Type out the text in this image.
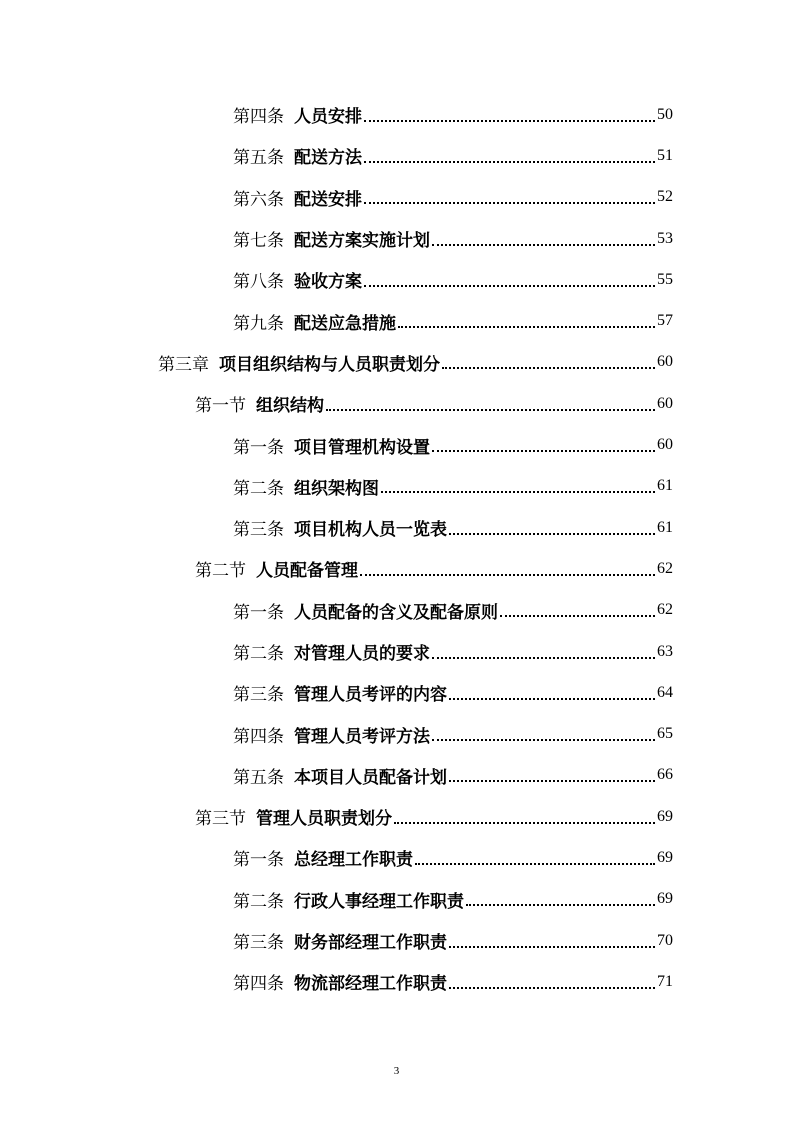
第四条 人员安排	50
第五条 配送方法	51
第六条 配送安排	52
第七条 配送方案实施计划	53
第八条 验收方案	55
第九条 配送应急措施	57
第三章 项目组织结构与人员职责划分	60
第一节 组织结构	60
第一条 项目管理机构设置	60
第二条 组织架构图	61
第三条 项目机构人员一览表	61
第二节 人员配备管理	62
第一条 人员配备的含义及配备原则	62
第二条 对管理人员的要求	63
第三条 管理人员考评的内容	64
第四条 管理人员考评方法	65
第五条 本项目人员配备计划	66
第三节 管理人员职责划分	69
第一条 总经理工作职责	69
第二条 行政人事经理工作职责	69
第三条 财务部经理工作职责	70
第四条 物流部经理工作职责	71
3
